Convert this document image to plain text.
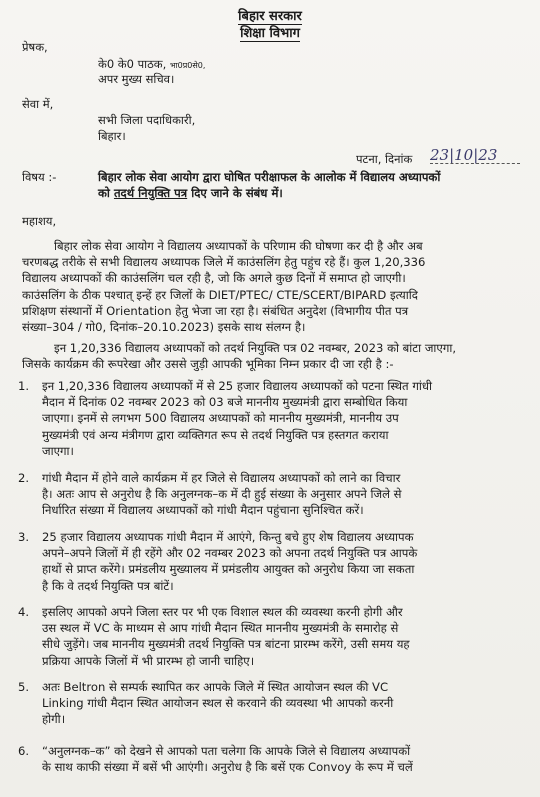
बिहार सरकार
शिक्षा विभाग
प्रेषक,
के0 के0 पाठक, भा0प्र0से0,
अपर मुख्य सचिव।
सेवा में,
सभी जिला पदाधिकारी,
बिहार।
पटना, दिनांक 23|10|23
विषय :-	बिहार लोक सेवा आयोग द्वारा घोषित परीक्षाफल के आलोक में विद्यालय अध्यापकों
को तदर्थ नियुक्ति पत्र दिए जाने के संबंध में।
महाशय,

बिहार लोक सेवा आयोग ने विद्यालय अध्यापकों के परिणाम की घोषणा कर दी है और अब

चरणबद्ध तरीके से सभी विद्यालय अध्यापक जिले में काउंसलिंग हेतु पहुंच रहे हैं। कुल 1,20,336

विद्यालय अध्यापकों की काउंसलिंग चल रही है, जो कि अगले कुछ दिनों में समाप्त हो जाएगी।

काउंसलिंग के ठीक पश्चात् इन्हें हर जिलों के DIET/PTEC/ CTE/SCERT/BIPARD इत्यादि

प्रशिक्षण संस्थानों में Orientation हेतु भेजा जा रहा है। संबंधित अनुदेश (विभागीय पीत पत्र

संख्या–304 / गो0, दिनांक–20.10.2023) इसके साथ संलग्न है।

इन 1,20,336 विद्यालय अध्यापकों को तदर्थ नियुक्ति पत्र 02 नवम्बर, 2023 को बांटा जाएगा,

जिसके कार्यक्रम की रूपरेखा और उससे जुड़ी आपकी भूमिका निम्न प्रकार दी जा रही है :-

1.	इन 1,20,336 विद्यालय अध्यापकों में से 25 हजार विद्यालय अध्यापकों को पटना स्थित गांधी
मैदान में दिनांक 02 नवम्बर 2023 को 03 बजे माननीय मुख्यमंत्री द्वारा सम्बोधित किया
जाएगा। इनमें से लगभग 500 विद्यालय अध्यापकों को माननीय मुख्यमंत्री, माननीय उप
मुख्यमंत्री एवं अन्य मंत्रीगण द्वारा व्यक्तिगत रूप से तदर्थ नियुक्ति पत्र हस्तगत कराया
जाएगा।
2.	गांधी मैदान में होने वाले कार्यक्रम में हर जिले से विद्यालय अध्यापकों को लाने का विचार
है। अतः आप से अनुरोध है कि अनुलग्नक–क में दी हुई संख्या के अनुसार अपने जिले से
निर्धारित संख्या में विद्यालय अध्यापकों को गांधी मैदान पहुंचाना सुनिश्चित करें।
3.	25 हजार विद्यालय अध्यापक गांधी मैदान में आएंगे, किन्तु बचे हुए शेष विद्यालय अध्यापक
अपने–अपने जिलों में ही रहेंगे और 02 नवम्बर 2023 को अपना तदर्थ नियुक्ति पत्र आपके
हाथों से प्राप्त करेंगे। प्रमंडलीय मुख्यालय में प्रमंडलीय आयुक्त को अनुरोध किया जा सकता
है कि वे तदर्थ नियुक्ति पत्र बांटें।
4.	इसलिए आपको अपने जिला स्तर पर भी एक विशाल स्थल की व्यवस्था करनी होगी और
उस स्थल में VC के माध्यम से आप गांधी मैदान स्थित माननीय मुख्यमंत्री के समारोह से
सीधे जुड़ेंगे। जब माननीय मुख्यमंत्री तदर्थ नियुक्ति पत्र बांटना प्रारम्भ करेंगे, उसी समय यह
प्रक्रिया आपके जिलों में भी प्रारम्भ हो जानी चाहिए।
5.	अतः Beltron से सम्पर्क स्थापित कर आपके जिले में स्थित आयोजन स्थल की VC
Linking गांधी मैदान स्थित आयोजन स्थल से करवाने की व्यवस्था भी आपको करनी
होगी।
6.	“अनुलग्नक–क” को देखने से आपको पता चलेगा कि आपके जिले से विद्यालय अध्यापकों
के साथ काफी संख्या में बसें भी आएंगी। अनुरोध है कि बसें एक Convoy के रूप में चलें
